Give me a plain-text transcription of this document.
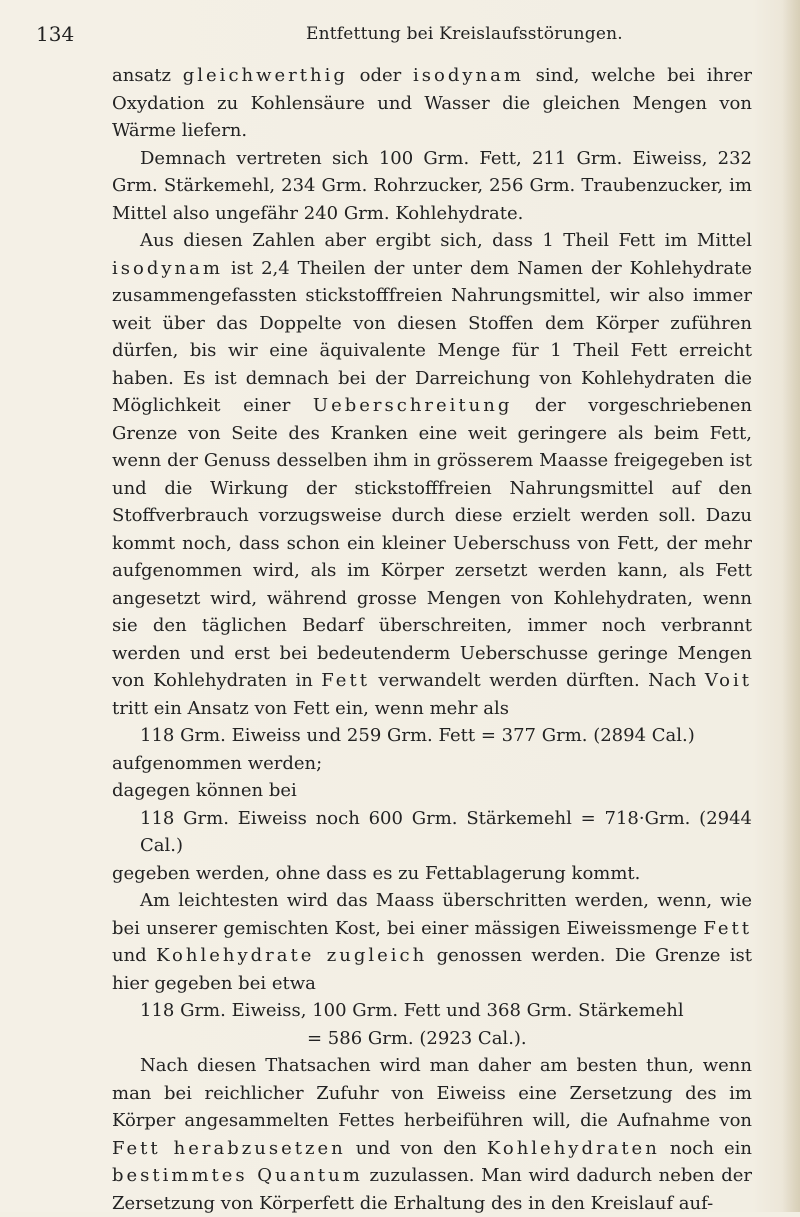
134	Entfettung bei Kreislaufsstörungen.

ansatz gleichwerthig oder isodynam sind, welche bei ihrer Oxydation zu Kohlensäure und Wasser die gleichen Mengen von Wärme liefern.

Demnach vertreten sich 100 Grm. Fett, 211 Grm. Eiweiss, 232 Grm. Stärkemehl, 234 Grm. Rohrzucker, 256 Grm. Traubenzucker, im Mittel also ungefähr 240 Grm. Kohlehydrate.

Aus diesen Zahlen aber ergibt sich, dass 1 Theil Fett im Mittel isodynam ist 2,4 Theilen der unter dem Namen der Kohlehydrate zusammengefassten stickstofffreien Nahrungsmittel, wir also immer weit über das Doppelte von diesen Stoffen dem Körper zuführen dürfen, bis wir eine äquivalente Menge für 1 Theil Fett erreicht haben. Es ist demnach bei der Darreichung von Kohlehydraten die Möglichkeit einer Ueberschreitung der vorgeschriebenen Grenze von Seite des Kranken eine weit geringere als beim Fett, wenn der Genuss desselben ihm in grösserem Maasse freigegeben ist und die Wirkung der stickstofffreien Nahrungsmittel auf den Stoffverbrauch vorzugsweise durch diese erzielt werden soll. Dazu kommt noch, dass schon ein kleiner Ueberschuss von Fett, der mehr aufgenommen wird, als im Körper zersetzt werden kann, als Fett angesetzt wird, während grosse Mengen von Kohlehydraten, wenn sie den täglichen Bedarf überschreiten, immer noch verbrannt werden und erst bei bedeutenderm Ueberschusse geringe Mengen von Kohlehydraten in Fett verwandelt werden dürften. Nach Voit tritt ein Ansatz von Fett ein, wenn mehr als

118 Grm. Eiweiss und 259 Grm. Fett = 377 Grm. (2894 Cal.)
aufgenommen werden;
dagegen können bei
118 Grm. Eiweiss noch 600 Grm. Stärkemehl = 718·Grm. (2944 Cal.)
gegeben werden, ohne dass es zu Fettablagerung kommt.

Am leichtesten wird das Maass überschritten werden, wenn, wie bei unserer gemischten Kost, bei einer mässigen Eiweissmenge Fett und Kohlehydrate zugleich genossen werden. Die Grenze ist hier gegeben bei etwa

118 Grm. Eiweiss, 100 Grm. Fett und 368 Grm. Stärkemehl
= 586 Grm. (2923 Cal.).

Nach diesen Thatsachen wird man daher am besten thun, wenn man bei reichlicher Zufuhr von Eiweiss eine Zersetzung des im Körper angesammelten Fettes herbeiführen will, die Aufnahme von Fett herabzusetzen und von den Kohlehydraten noch ein bestimmtes Quantum zuzulassen. Man wird dadurch neben der Zersetzung von Körperfett die Erhaltung des in den Kreislauf auf-
